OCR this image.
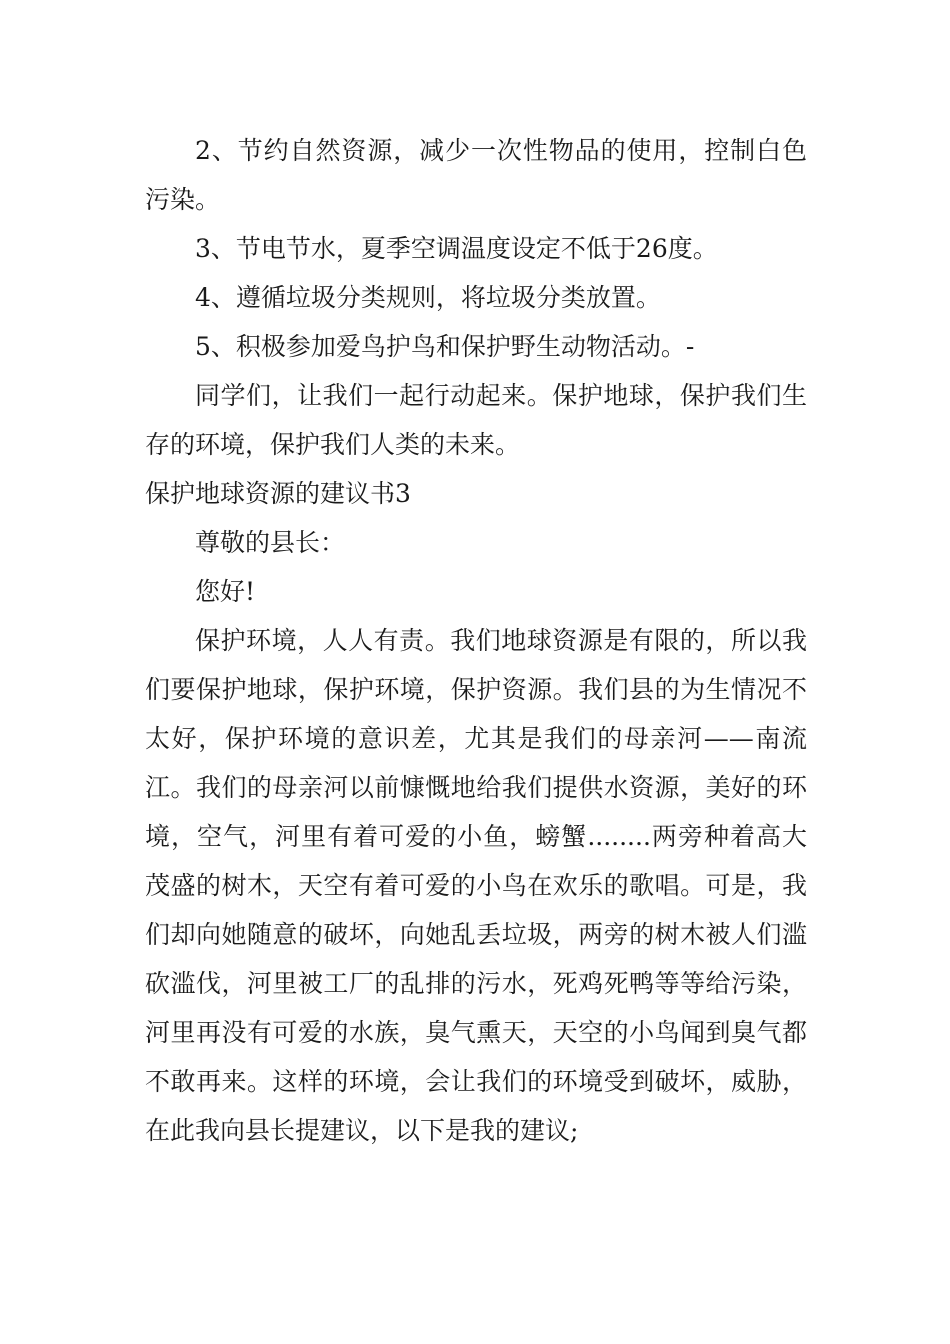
2、节约自然资源，减少一次性物品的使用，控制白色污染。

3、节电节水，夏季空调温度设定不低于26度。

4、遵循垃圾分类规则，将垃圾分类放置。

5、积极参加爱鸟护鸟和保护野生动物活动。-

同学们，让我们一起行动起来。保护地球，保护我们生存的环境，保护我们人类的未来。

保护地球资源的建议书3

尊敬的县长：

您好!

保护环境，人人有责。我们地球资源是有限的，所以我们要保护地球，保护环境，保护资源。我们县的为生情况不太好，保护环境的意识差，尤其是我们的母亲河——南流江。我们的母亲河以前慷慨地给我们提供水资源，美好的环境，空气，河里有着可爱的小鱼，螃蟹........两旁种着高大茂盛的树木，天空有着可爱的小鸟在欢乐的歌唱。可是，我们却向她随意的破坏，向她乱丢垃圾，两旁的树木被人们滥砍滥伐，河里被工厂的乱排的污水，死鸡死鸭等等给污染，河里再没有可爱的水族，臭气熏天，天空的小鸟闻到臭气都不敢再来。这样的环境，会让我们的环境受到破坏，威胁，在此我向县长提建议，以下是我的建议;
